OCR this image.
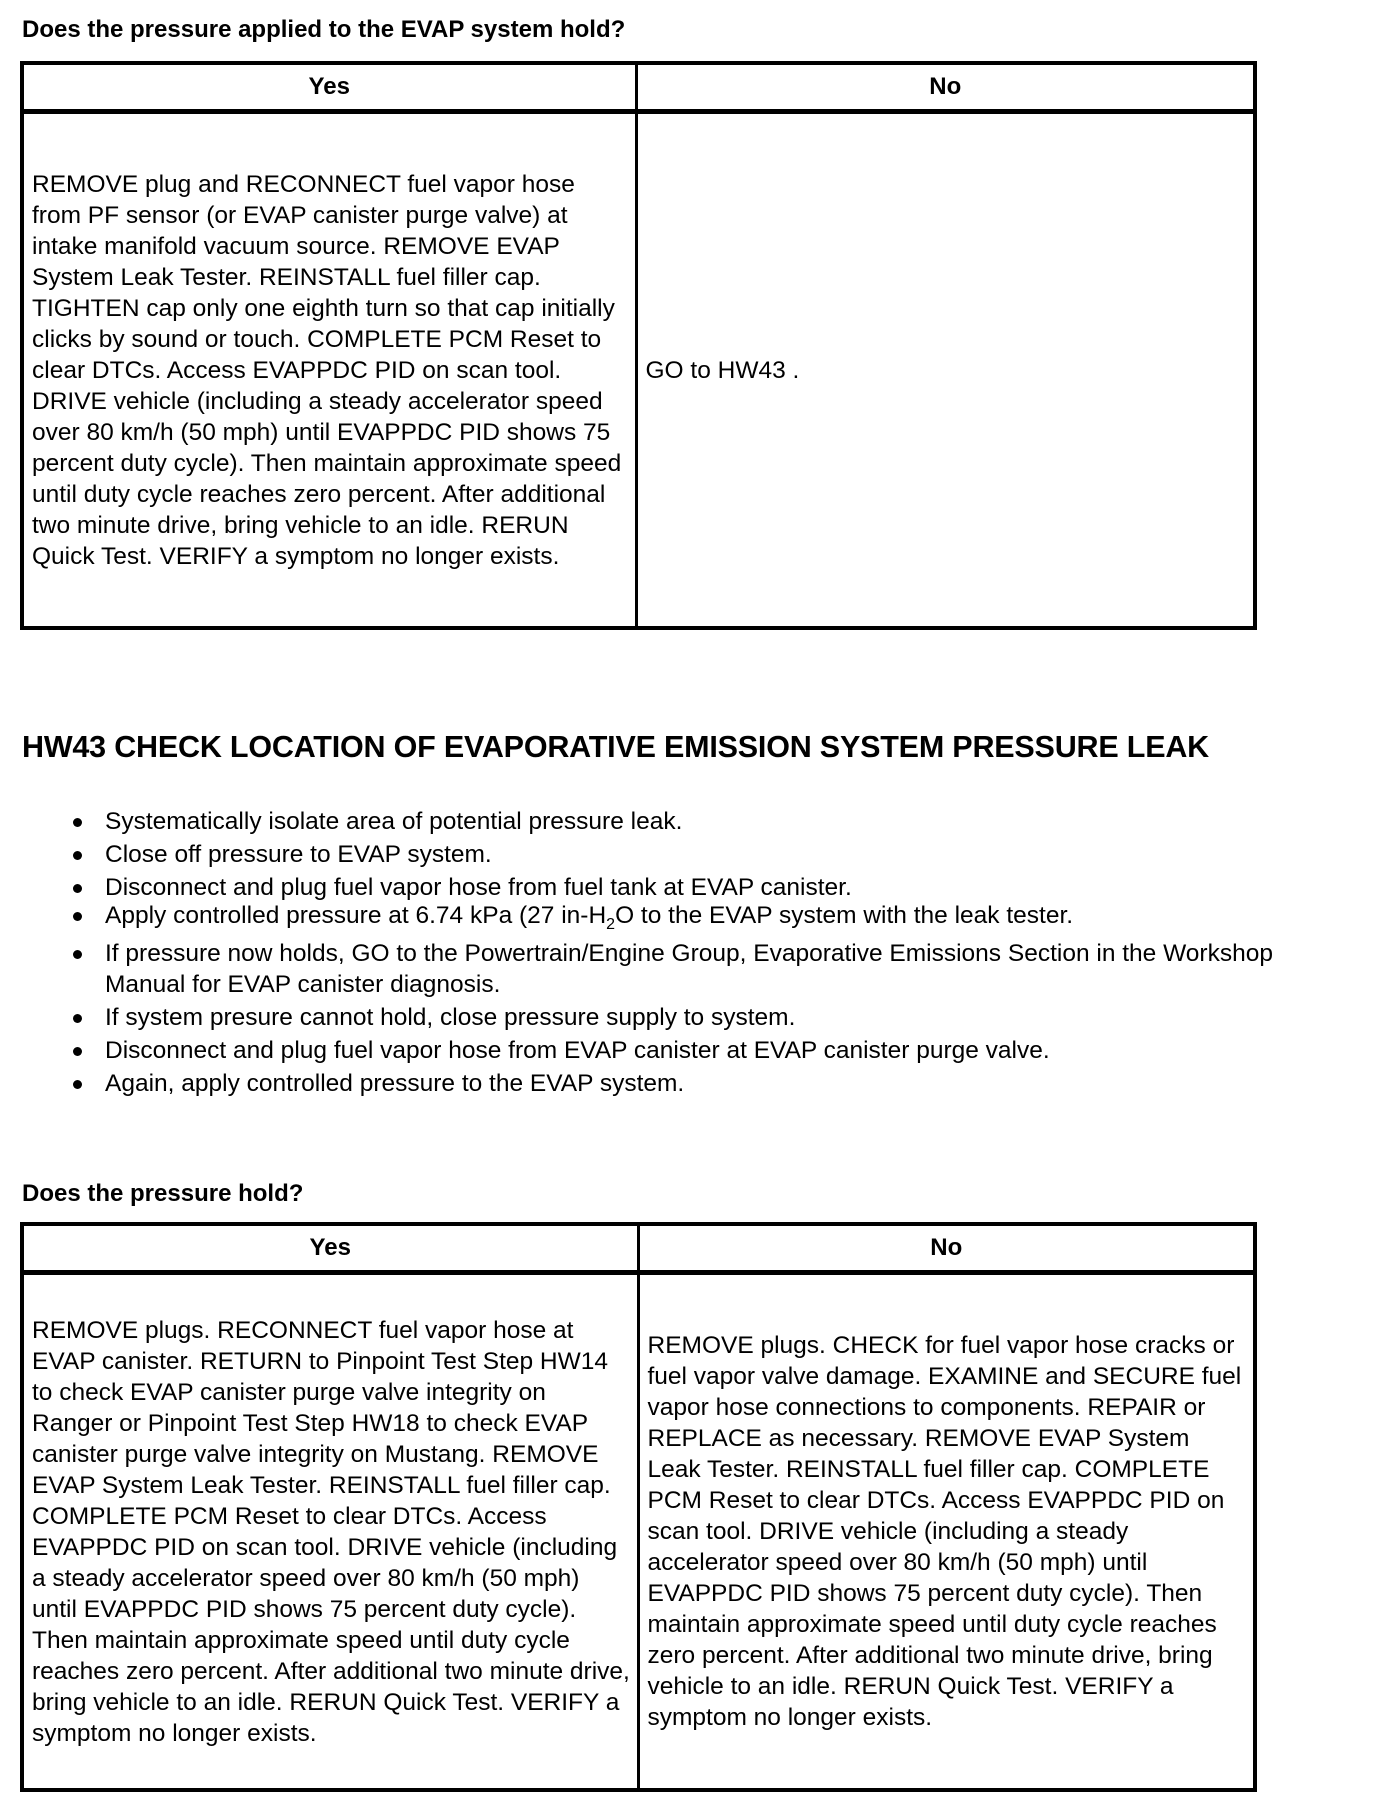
Does the pressure applied to the EVAP system hold?

Yes	No
REMOVE plug and RECONNECT fuel vapor hose from PF sensor (or EVAP canister purge valve) at intake manifold vacuum source. REMOVE EVAP System Leak Tester. REINSTALL fuel filler cap. TIGHTEN cap only one eighth turn so that cap initially clicks by sound or touch. COMPLETE PCM Reset to clear DTCs. Access EVAPPDC PID on scan tool. DRIVE vehicle (including a steady accelerator speed over 80 km/h (50 mph) until EVAPPDC PID shows 75 percent duty cycle). Then maintain approximate speed until duty cycle reaches zero percent. After additional two minute drive, bring vehicle to an idle. RERUN Quick Test. VERIFY a symptom no longer exists.	GO to HW43 .
HW43 CHECK LOCATION OF EVAPORATIVE EMISSION SYSTEM PRESSURE LEAK
Systematically isolate area of potential pressure leak.
Close off pressure to EVAP system.
Disconnect and plug fuel vapor hose from fuel tank at EVAP canister.
Apply controlled pressure at 6.74 kPa (27 $in-H_2O$ to the EVAP system with the leak tester.
If pressure now holds, GO to the Powertrain/Engine Group, Evaporative Emissions Section in the Workshop Manual for EVAP canister diagnosis.
If system presure cannot hold, close pressure supply to system.
Disconnect and plug fuel vapor hose from EVAP canister at EVAP canister purge valve.
Again, apply controlled pressure to the EVAP system.

Does the pressure hold?

Yes	No
REMOVE plugs. RECONNECT fuel vapor hose at EVAP canister. RETURN to Pinpoint Test Step HW14 to check EVAP canister purge valve integrity on Ranger or Pinpoint Test Step HW18 to check EVAP canister purge valve integrity on Mustang. REMOVE EVAP System Leak Tester. REINSTALL fuel filler cap. COMPLETE PCM Reset to clear DTCs. Access EVAPPDC PID on scan tool. DRIVE vehicle (including a steady accelerator speed over 80 km/h (50 mph) until EVAPPDC PID shows 75 percent duty cycle). Then maintain approximate speed until duty cycle reaches zero percent. After additional two minute drive, bring vehicle to an idle. RERUN Quick Test. VERIFY a symptom no longer exists.	REMOVE plugs. CHECK for fuel vapor hose cracks or fuel vapor valve damage. EXAMINE and SECURE fuel vapor hose connections to components. REPAIR or REPLACE as necessary. REMOVE EVAP System Leak Tester. REINSTALL fuel filler cap. COMPLETE PCM Reset to clear DTCs. Access EVAPPDC PID on scan tool. DRIVE vehicle (including a steady accelerator speed over 80 km/h (50 mph) until EVAPPDC PID shows 75 percent duty cycle). Then maintain approximate speed until duty cycle reaches zero percent. After additional two minute drive, bring vehicle to an idle. RERUN Quick Test. VERIFY a symptom no longer exists.
